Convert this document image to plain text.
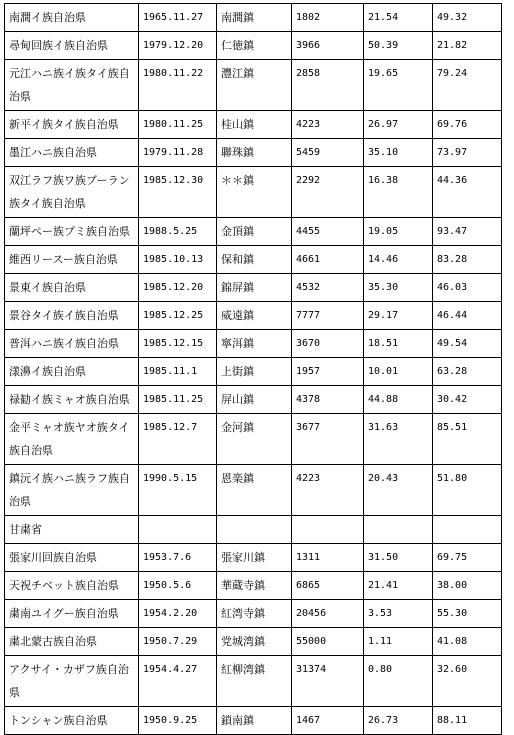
南澗イ族自治県	1965.11.27	南澗鎮	1802	21.54	49.32
尋甸回族イ族自治県	1979.12.20	仁徳鎮	3966	50.39	21.82
元江ハニ族イ族タイ族自治県	1980.11.22	灃江鎮	2858	19.65	79.24
新平イ族タイ族自治県	1980.11.25	桂山鎮	4223	26.97	69.76
墨江ハニ族自治県	1979.11.28	聯珠鎮	5459	35.10	73.97
双江ラフ族ワ族ブーラン族タイ族自治県	1985.12.30	＊＊鎮	2292	16.38	44.36
蘭坪ペー族プミ族自治県	1988.5.25	金頂鎮	4455	19.05	93.47
維西リースー族自治県	1985.10.13	保和鎮	4661	14.46	83.28
景東イ族自治県	1985.12.20	錦屏鎮	4532	35.30	46.03
景谷タイ族イ族自治県	1985.12.25	威遠鎮	7777	29.17	46.44
普洱ハニ族イ族自治県	1985.12.15	寧洱鎮	3670	18.51	49.54
漾濞イ族自治県	1985.11.1	上街鎮	1957	10.01	63.28
禄勧イ族ミャオ族自治県	1985.11.25	屏山鎮	4378	44.88	30.42
金平ミャオ族ヤオ族タイ族自治県	1985.12.7	金河鎮	3677	31.63	85.51
鎮沅イ族ハニ族ラフ族自治県	1990.5.15	恩楽鎮	4223	20.43	51.80
甘粛省					
張家川回族自治県	1953.7.6	張家川鎮	1311	31.50	69.75
天祝チベット族自治県	1950.5.6	華蔵寺鎮	6865	21.41	38.00
粛南ユイグー族自治県	1954.2.20	紅湾寺鎮	20456	3.53	55.30
粛北蒙古族自治県	1950.7.29	党城湾鎮	55000	1.11	41.08
アクサイ・カザフ族自治県	1954.4.27	紅柳湾鎮	31374	0.80	32.60
トンシャン族自治県	1950.9.25	鎖南鎮	1467	26.73	88.11
